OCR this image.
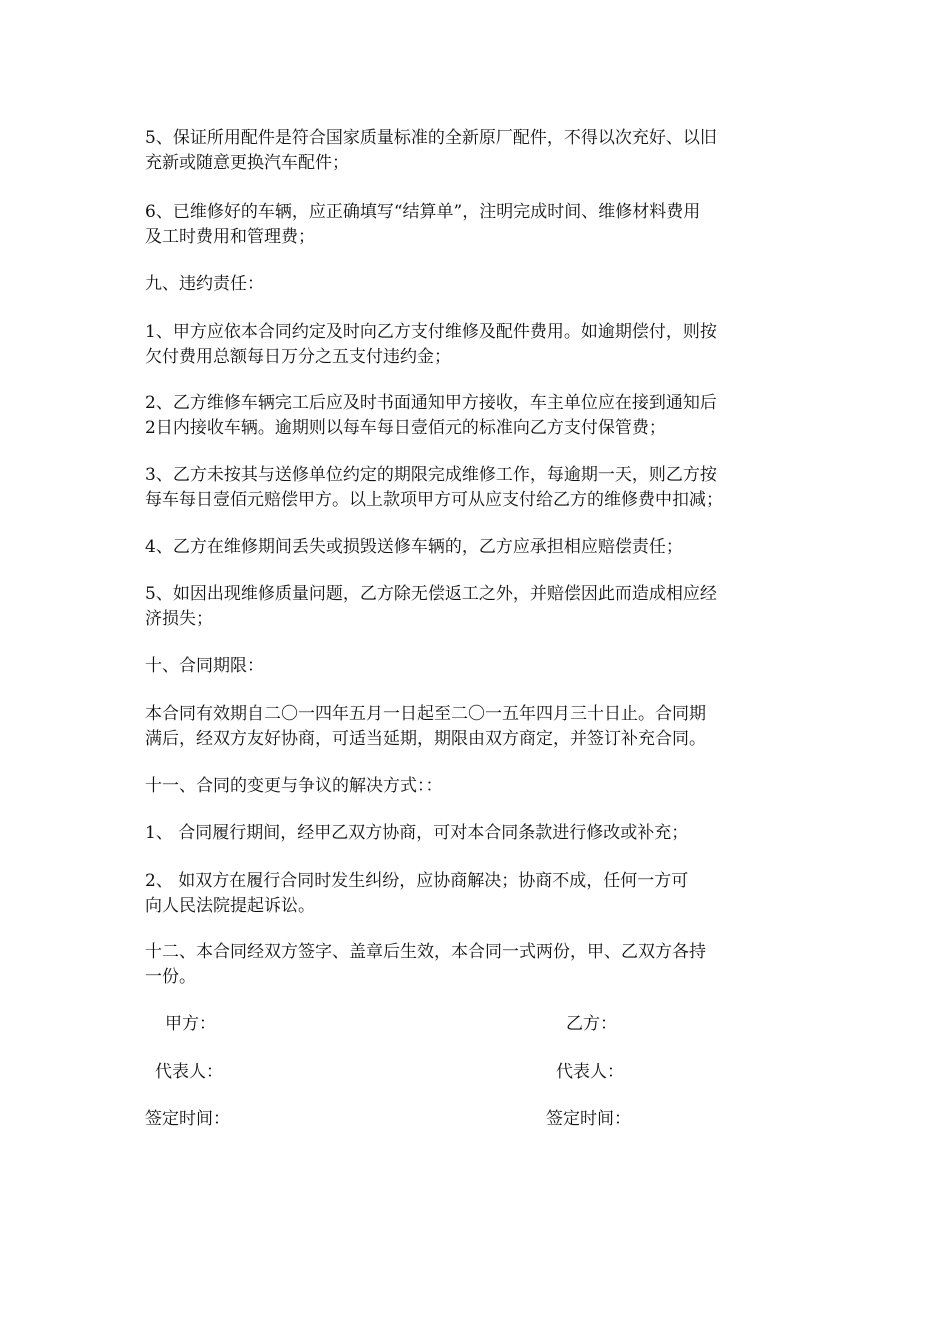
5、保证所用配件是符合国家质量标准的全新原厂配件，不得以次充好、以旧

充新或随意更换汽车配件；

6、已维修好的车辆，应正确填写“结算单”，注明完成时间、维修材料费用

及工时费用和管理费；

九、违约责任：

1、甲方应依本合同约定及时向乙方支付维修及配件费用。如逾期偿付，则按

欠付费用总额每日万分之五支付违约金；

2、乙方维修车辆完工后应及时书面通知甲方接收，车主单位应在接到通知后

2日内接收车辆。逾期则以每车每日壹佰元的标准向乙方支付保管费；

3、乙方未按其与送修单位约定的期限完成维修工作，每逾期一天，则乙方按

每车每日壹佰元赔偿甲方。以上款项甲方可从应支付给乙方的维修费中扣减；

4、乙方在维修期间丢失或损毁送修车辆的，乙方应承担相应赔偿责任；

5、如因出现维修质量问题，乙方除无偿返工之外，并赔偿因此而造成相应经

济损失；

十、合同期限：

本合同有效期自二〇一四年五月一日起至二〇一五年四月三十日止。合同期

满后，经双方友好协商，可适当延期，期限由双方商定，并签订补充合同。

十一、合同的变更与争议的解决方式：：

1、 合同履行期间，经甲乙双方协商，可对本合同条款进行修改或补充；

2、 如双方在履行合同时发生纠纷，应协商解决；协商不成，任何一方可

向人民法院提起诉讼。

十二、本合同经双方签字、盖章后生效，本合同一式两份，甲、乙双方各持

一份。

甲方：	乙方：
代表人：	代表人：
签定时间：	签定时间：
